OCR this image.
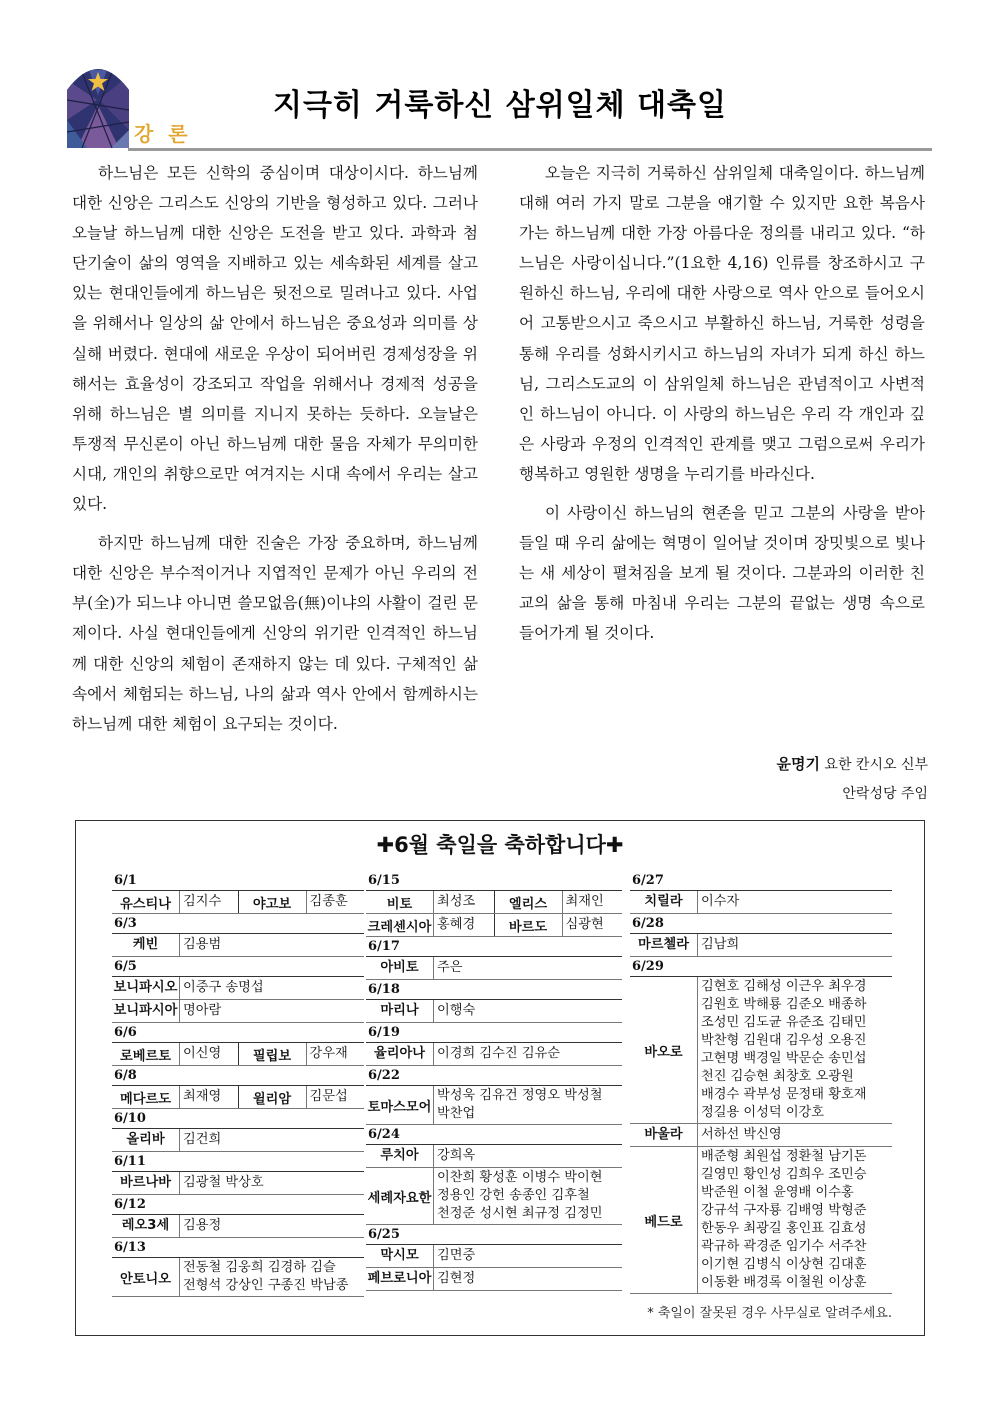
강 론
지극히 거룩하신 삼위일체 대축일

하느님은 모든 신학의 중심이며 대상이시다. 하느님께 대한 신앙은 그리스도 신앙의 기반을 형성하고 있다. 그러나 오늘날 하느님께 대한 신앙은 도전을 받고 있다. 과학과 첨단기술이 삶의 영역을 지배하고 있는 세속화된 세계를 살고있는 현대인들에게 하느님은 뒷전으로 밀려나고 있다. 사업을 위해서나 일상의 삶 안에서 하느님은 중요성과 의미를 상실해 버렸다. 현대에 새로운 우상이 되어버린 경제성장을 위해서는 효율성이 강조되고 작업을 위해서나 경제적 성공을 위해 하느님은 별 의미를 지니지 못하는 듯하다. 오늘날은 투쟁적 무신론이 아닌 하느님께 대한 물음 자체가 무의미한 시대, 개인의 취향으로만 여겨지는 시대 속에서 우리는 살고 있다.

하지만 하느님께 대한 진술은 가장 중요하며, 하느님께 대한 신앙은 부수적이거나 지엽적인 문제가 아닌 우리의 전부(全)가 되느냐 아니면 쓸모없음(無)이냐의 사활이 걸린 문제이다. 사실 현대인들에게 신앙의 위기란 인격적인 하느님께 대한 신앙의 체험이 존재하지 않는 데 있다. 구체적인 삶 속에서 체험되는 하느님, 나의 삶과 역사 안에서 함께하시는 하느님께 대한 체험이 요구되는 것이다.

오늘은 지극히 거룩하신 삼위일체 대축일이다. 하느님께 대해 여러 가지 말로 그분을 얘기할 수 있지만 요한 복음사가는 하느님께 대한 가장 아름다운 정의를 내리고 있다. “하느님은 사랑이십니다.”(1요한 4,16) 인류를 창조하시고 구원하신 하느님, 우리에 대한 사랑으로 역사 안으로 들어오시어 고통받으시고 죽으시고 부활하신 하느님, 거룩한 성령을 통해 우리를 성화시키시고 하느님의 자녀가 되게 하신 하느님, 그리스도교의 이 삼위일체 하느님은 관념적이고 사변적인 하느님이 아니다. 이 사랑의 하느님은 우리 각 개인과 깊은 사랑과 우정의 인격적인 관계를 맺고 그럼으로써 우리가 행복하고 영원한 생명을 누리기를 바라신다.

이 사랑이신 하느님의 현존을 믿고 그분의 사랑을 받아들일 때 우리 삶에는 혁명이 일어날 것이며 장밋빛으로 빛나는 새 세상이 펼쳐짐을 보게 될 것이다. 그분과의 이러한 친교의 삶을 통해 마침내 우리는 그분의 끝없는 생명 속으로 들어가게 될 것이다.

윤명기 요한 칸시오 신부
안락성당 주임
✚6월 축일을 축하합니다✚
6/1
유스티나 김지수	야고보	김종훈
6/3
케빈	김용범
6/5
보니파시오 이중구 송명섭
보니파시아 명아람
6/6
로베르토 이신영	필립보	강우재
6/8
메다르도 최재영	윌리암	김문섭
6/10
올리바	김건희
6/11
바르나바 김광철 박상호
6/12
레오3세	김용정
6/13
안토니오
전동철 김웅희 김경하 김슬
전형석 강상인 구종진 박남종
6/15
비토	최성조	엘리스	최재인
크레센시아 홍혜경	바르도	심광현
6/17
아비토	주은
6/18
마리나	이행숙
6/19
율리아나 이경희 김수진 김유순
6/22
토마스모어
박성욱 김유건 정영오 박성철
박찬업
6/24
루치아	강희옥
세례자요한
이찬희 황성훈 이병수 박이현
정용인 강헌 송종인 김후철
천정준 성시현 최규정 김정민
6/25
막시모	김면중
페브로니아 김현정
6/27
치릴라	이수자
6/28
마르첼라 김남희
6/29
바오로
김현호 김해성 이근우 최우경
김원호 박해룡 김준오 배종하
조성민 김도균 유준조 김태민
박찬형 김원대 김우성 오용진
고현명 백경일 박문순 송민섭
천진 김승현 최창호 오광원
배경수 곽부성 문정태 황호재
정길용 이성덕 이강호
바울라	서하선 박신영
베드로
배준형 최원섭 정환철 남기돈
길영민 황인성 김희우 조민승
박준원 이철 윤영배 이수홍
강규석 구자룡 김배영 박형준
한동우 최광길 홍인표 김효성
곽규하 곽경준 임기수 서주찬
이기현 김병식 이상현 김대훈
이동환 배경록 이철원 이상훈
* 축일이 잘못된 경우 사무실로 알려주세요.
